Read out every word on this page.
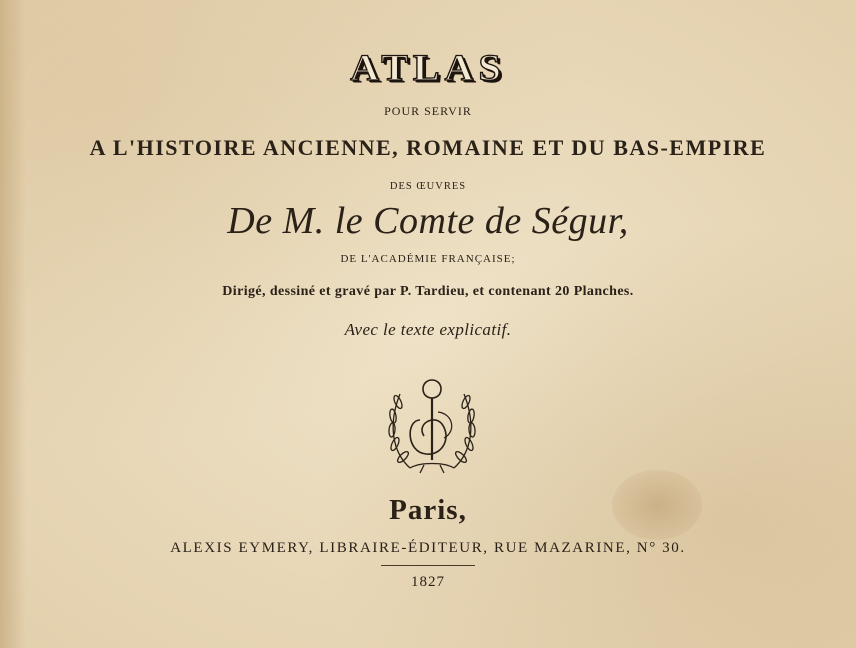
ATLAS
POUR SERVIR
A L'HISTOIRE ANCIENNE, ROMAINE ET DU BAS-EMPIRE
DES ŒUVRES
De M. le Comte de Ségur,
DE L'ACADÉMIE FRANÇAISE;
Dirigé, dessiné et gravé par P. Tardieu, et contenant 20 Planches.
Avec le texte explicatif.
Paris,
ALEXIS EYMERY, LIBRAIRE-ÉDITEUR, RUE MAZARINE, N° 30.
1827
